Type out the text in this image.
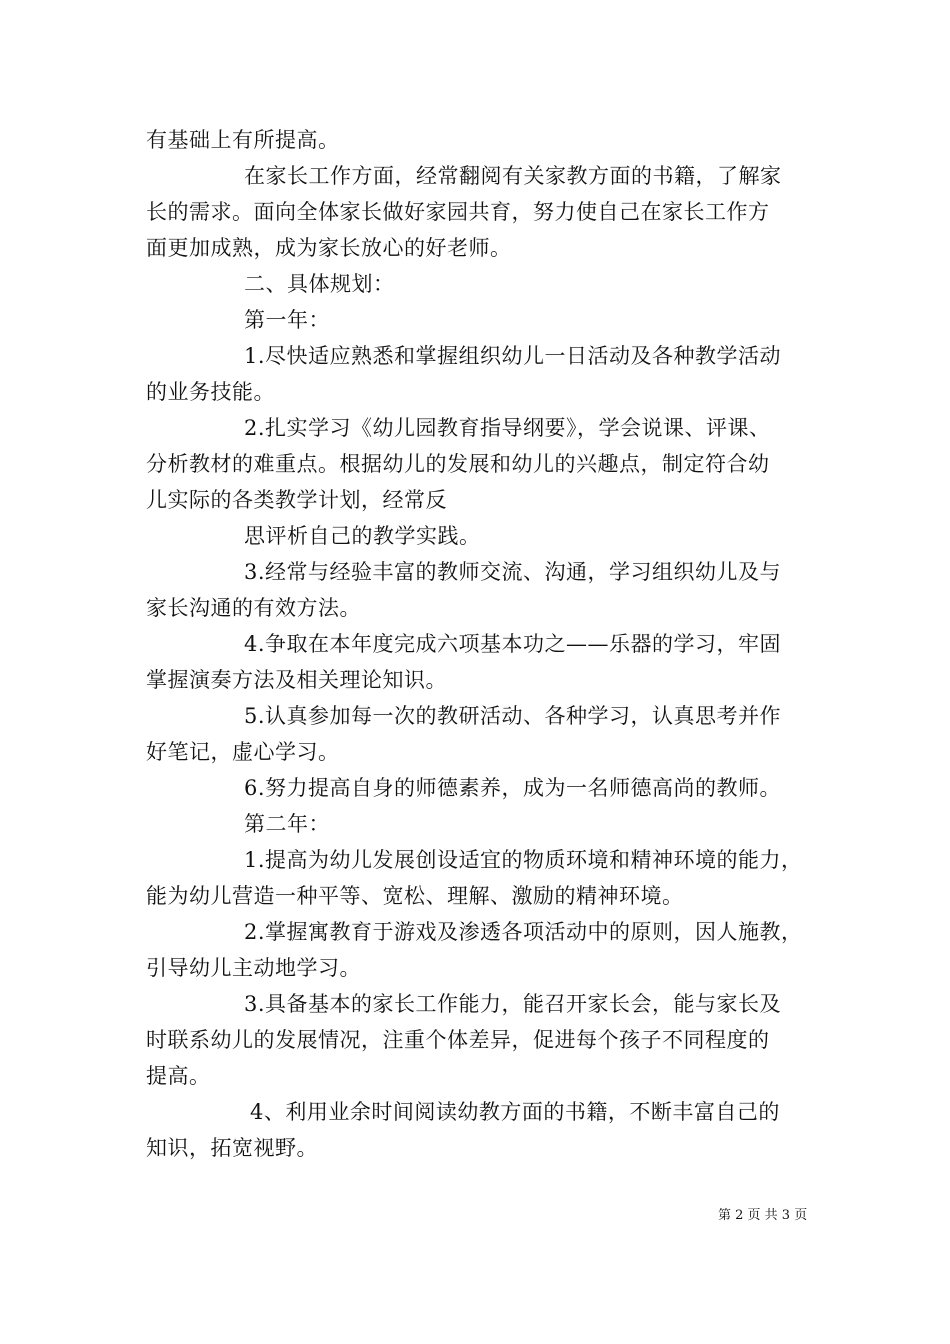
有基础上有所提高。
在家长工作方面，经常翻阅有关家教方面的书籍，了解家
长的需求。面向全体家长做好家园共育，努力使自己在家长工作方
面更加成熟，成为家长放心的好老师。
二、具体规划：
第一年：
1.尽快适应熟悉和掌握组织幼儿一日活动及各种教学活动
的业务技能。
2.扎实学习《幼儿园教育指导纲要》，学会说课、评课、
分析教材的难重点。根据幼儿的发展和幼儿的兴趣点，制定符合幼
儿实际的各类教学计划，经常反
思评析自己的教学实践。
3.经常与经验丰富的教师交流、沟通，学习组织幼儿及与
家长沟通的有效方法。
4.争取在本年度完成六项基本功之——乐器的学习，牢固
掌握演奏方法及相关理论知识。
5.认真参加每一次的教研活动、各种学习，认真思考并作
好笔记，虚心学习。
6.努力提高自身的师德素养，成为一名师德高尚的教师。
第二年：
1.提高为幼儿发展创设适宜的物质环境和精神环境的能力，
能为幼儿营造一种平等、宽松、理解、激励的精神环境。
2.掌握寓教育于游戏及渗透各项活动中的原则，因人施教，
引导幼儿主动地学习。
3.具备基本的家长工作能力，能召开家长会，能与家长及
时联系幼儿的发展情况，注重个体差异，促进每个孩子不同程度的
提高。
4、利用业余时间阅读幼教方面的书籍，不断丰富自己的
知识，拓宽视野。
第 2 页 共 3 页
